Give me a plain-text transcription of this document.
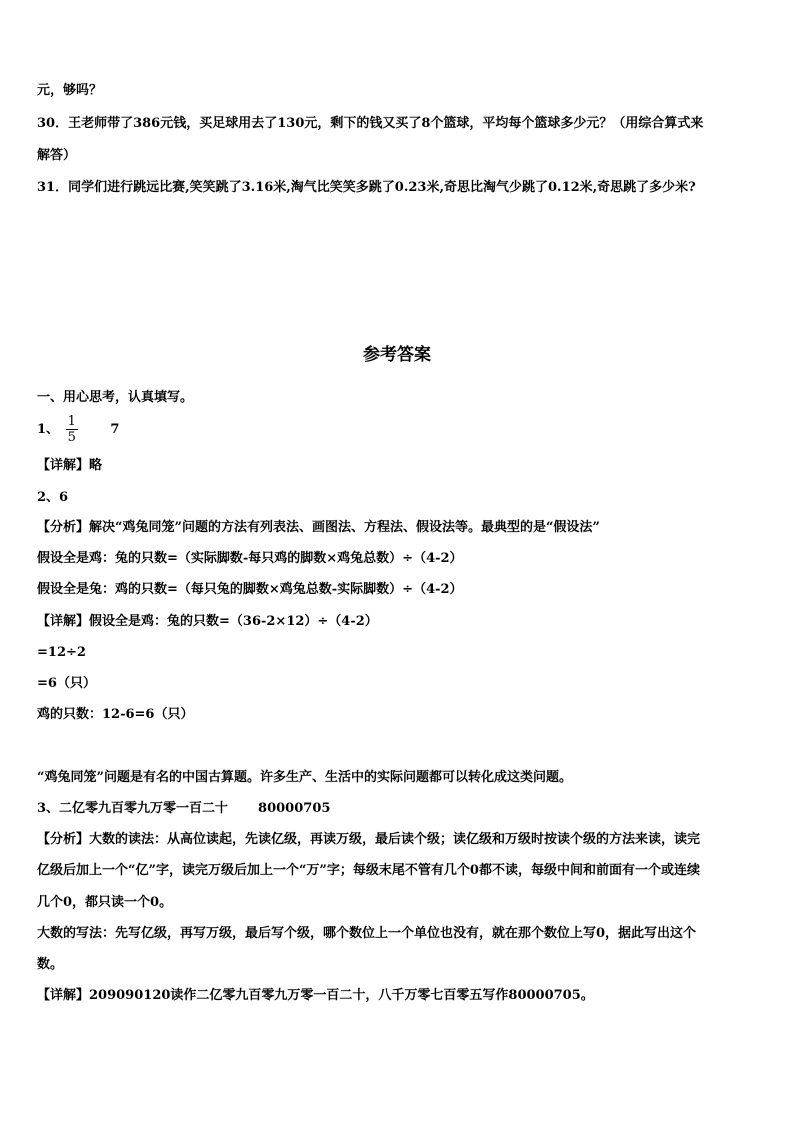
元，够吗？
30．王老师带了386元钱，买足球用去了130元，剩下的钱又买了8个篮球，平均每个篮球多少元？（用综合算式来
解答）
31．同学们进行跳远比赛,笑笑跳了3.16米,淘气比笑笑多跳了0.23米,奇思比淘气少跳了0.12米,奇思跳了多少米?
参考答案
一、用心思考，认真填写。
1、 $\frac{1}{5}$	7
【详解】略
2、6
【分析】解决“鸡兔同笼”问题的方法有列表法、画图法、方程法、假设法等。最典型的是“假设法”
假设全是鸡：兔的只数=（实际脚数-每只鸡的脚数×鸡兔总数）÷（4-2）
假设全是兔：鸡的只数=（每只兔的脚数×鸡兔总数-实际脚数）÷（4-2）
【详解】假设全是鸡：兔的只数=（36-2×12）÷（4-2）
=12÷2
=6（只）
鸡的只数：12-6=6（只）
“鸡兔同笼”问题是有名的中国古算题。许多生产、生活中的实际问题都可以转化成这类问题。
3、二亿零九百零九万零一百二十 80000705
【分析】大数的读法：从高位读起，先读亿级，再读万级，最后读个级；读亿级和万级时按读个级的方法来读，读完
亿级后加上一个“亿”字，读完万级后加上一个“万”字；每级末尾不管有几个0都不读，每级中间和前面有一个或连续
几个0，都只读一个0。
大数的写法：先写亿级，再写万级，最后写个级，哪个数位上一个单位也没有，就在那个数位上写0，据此写出这个
数。
【详解】209090120读作二亿零九百零九万零一百二十，八千万零七百零五写作80000705。
